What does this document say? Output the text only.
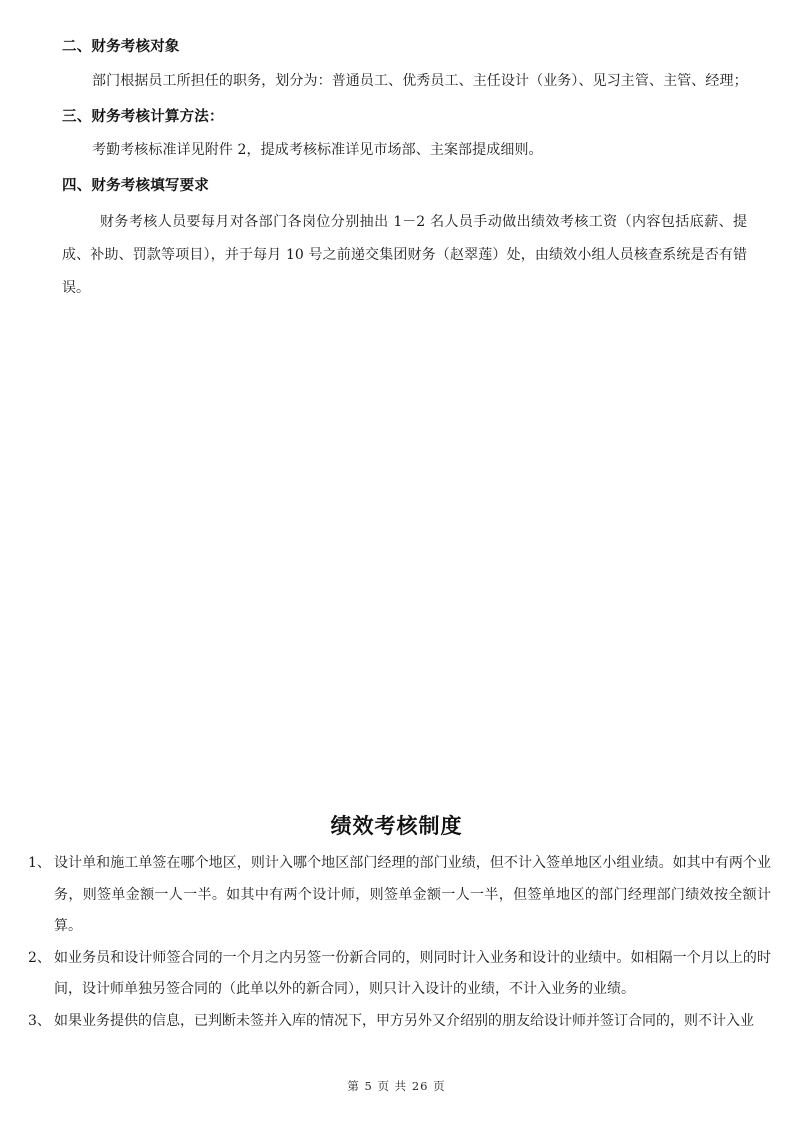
二、财务考核对象
部门根据员工所担任的职务，划分为：普通员工、优秀员工、主任设计（业务）、见习主管、主管、经理；
三、财务考核计算方法：
考勤考核标准详见附件 2，提成考核标准详见市场部、主案部提成细则。
四、财务考核填写要求
财务考核人员要每月对各部门各岗位分别抽出 1－2 名人员手动做出绩效考核工资（内容包括底薪、提成、补助、罚款等项目），并于每月 10 号之前递交集团财务（赵翠莲）处，由绩效小组人员核查系统是否有错误。
绩效考核制度
1、 设计单和施工单签在哪个地区，则计入哪个地区部门经理的部门业绩，但不计入签单地区小组业绩。如其中有两个业务，则签单金额一人一半。如其中有两个设计师，则签单金额一人一半，但签单地区的部门经理部门绩效按全额计算。
2、 如业务员和设计师签合同的一个月之内另签一份新合同的，则同时计入业务和设计的业绩中。如相隔一个月以上的时间，设计师单独另签合同的（此单以外的新合同），则只计入设计的业绩，不计入业务的业绩。
3、 如果业务提供的信息，已判断未签并入库的情况下，甲方另外又介绍别的朋友给设计师并签订合同的，则不计入业
第 5 页 共 26 页
